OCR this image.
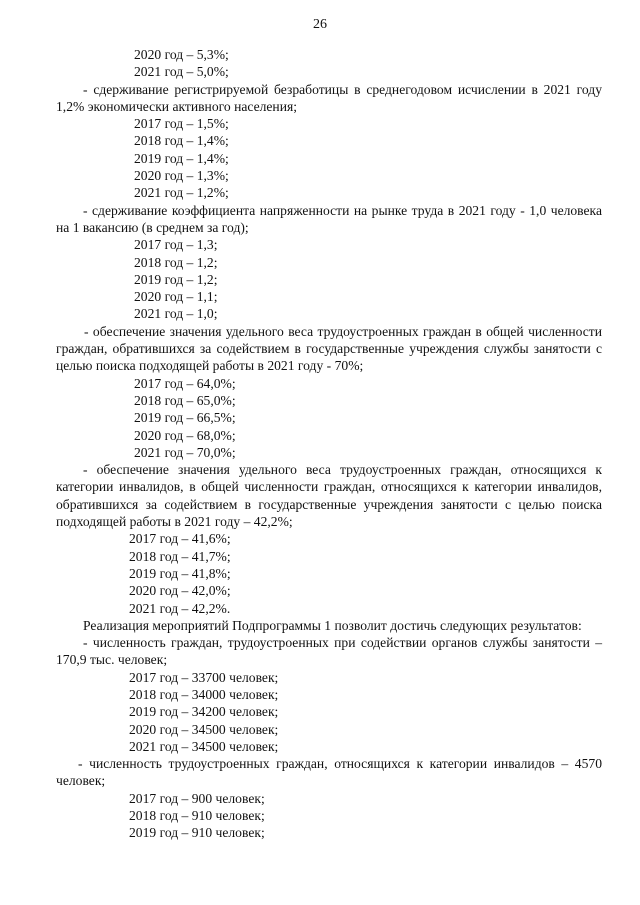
26
2020 год – 5,3%;
2021 год – 5,0%;
- сдерживание регистрируемой безработицы в среднегодовом исчислении в 2021 году 1,2% экономически активного населения;
2017 год – 1,5%;
2018 год – 1,4%;
2019 год – 1,4%;
2020 год – 1,3%;
2021 год – 1,2%;
- сдерживание коэффициента напряженности на рынке труда в 2021 году - 1,0 человека на 1 вакансию (в среднем за год);
2017 год – 1,3;
2018 год – 1,2;
2019 год – 1,2;
2020 год – 1,1;
2021 год – 1,0;
- обеспечение значения удельного веса трудоустроенных граждан в общей численности граждан, обратившихся за содействием в государственные учреждения службы занятости с целью поиска подходящей работы в 2021 году - 70%;
2017 год – 64,0%;
2018 год – 65,0%;
2019 год – 66,5%;
2020 год – 68,0%;
2021 год – 70,0%;
- обеспечение значения удельного веса трудоустроенных граждан, относящихся к категории инвалидов, в общей численности граждан, относящихся к категории инвалидов, обратившихся за содействием в государственные учреждения занятости с целью поиска подходящей работы в 2021 году – 42,2%;
2017 год – 41,6%;
2018 год – 41,7%;
2019 год – 41,8%;
2020 год – 42,0%;
2021 год – 42,2%.
Реализация мероприятий Подпрограммы 1 позволит достичь следующих результатов:
- численность граждан, трудоустроенных при содействии органов службы занятости – 170,9 тыс. человек;
2017 год – 33700 человек;
2018 год – 34000 человек;
2019 год – 34200 человек;
2020 год – 34500 человек;
2021 год – 34500 человек;
- численность трудоустроенных граждан, относящихся к категории инвалидов – 4570 человек;
2017 год – 900 человек;
2018 год – 910 человек;
2019 год – 910 человек;
